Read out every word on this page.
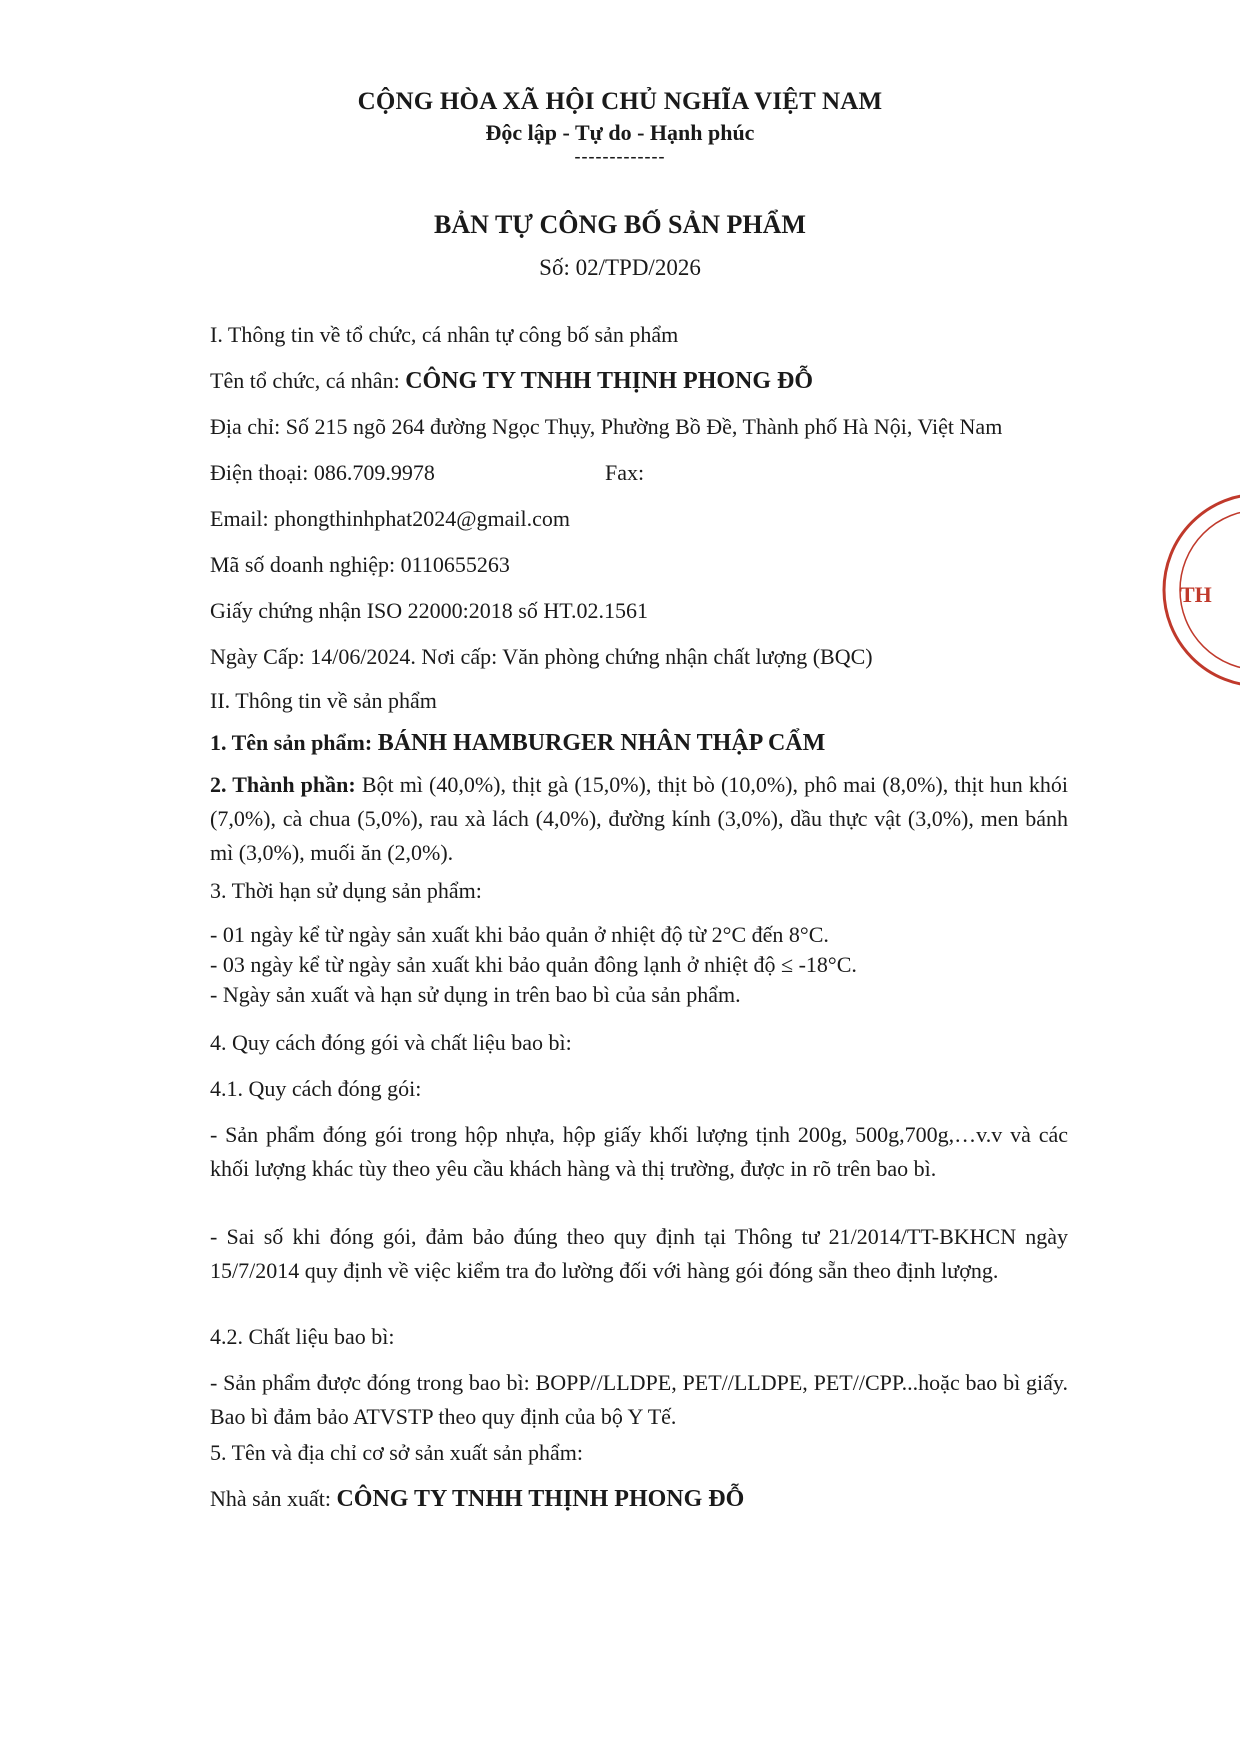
CỘNG HÒA XÃ HỘI CHỦ NGHĨA VIỆT NAM
Độc lập - Tự do - Hạnh phúc
-------------
BẢN TỰ CÔNG BỐ SẢN PHẨM
Số: 02/TPD/2026
I. Thông tin về tổ chức, cá nhân tự công bố sản phẩm
Tên tổ chức, cá nhân: CÔNG TY TNHH THỊNH PHONG ĐỖ
Địa chỉ: Số 215 ngõ 264 đường Ngọc Thụy, Phường Bồ Đề, Thành phố Hà Nội, Việt Nam
Điện thoại: 086.709.9978	Fax:
Email: phongthinhphat2024@gmail.com
Mã số doanh nghiệp: 0110655263
Giấy chứng nhận ISO 22000:2018 số HT.02.1561
Ngày Cấp: 14/06/2024. Nơi cấp: Văn phòng chứng nhận chất lượng (BQC)
II. Thông tin về sản phẩm
1. Tên sản phẩm: BÁNH HAMBURGER NHÂN THẬP CẨM
2. Thành phần: Bột mì (40,0%), thịt gà (15,0%), thịt bò (10,0%), phô mai (8,0%), thịt hun khói (7,0%), cà chua (5,0%), rau xà lách (4,0%), đường kính (3,0%), dầu thực vật (3,0%), men bánh mì (3,0%), muối ăn (2,0%).
3. Thời hạn sử dụng sản phẩm:
- 01 ngày kể từ ngày sản xuất khi bảo quản ở nhiệt độ từ 2°C đến 8°C.
- 03 ngày kể từ ngày sản xuất khi bảo quản đông lạnh ở nhiệt độ ≤ -18°C.
- Ngày sản xuất và hạn sử dụng in trên bao bì của sản phẩm.
4. Quy cách đóng gói và chất liệu bao bì:
4.1. Quy cách đóng gói:
- Sản phẩm đóng gói trong hộp nhựa, hộp giấy khối lượng tịnh 200g, 500g,700g,…v.v và các khối lượng khác tùy theo yêu cầu khách hàng và thị trường, được in rõ trên bao bì.
- Sai số khi đóng gói, đảm bảo đúng theo quy định tại Thông tư 21/2014/TT-BKHCN ngày 15/7/2014 quy định về việc kiểm tra đo lường đối với hàng gói đóng sẵn theo định lượng.
4.2. Chất liệu bao bì:
- Sản phẩm được đóng trong bao bì: BOPP//LLDPE, PET//LLDPE, PET//CPP...hoặc bao bì giấy. Bao bì đảm bảo ATVSTP theo quy định của bộ Y Tế.
5. Tên và địa chỉ cơ sở sản xuất sản phẩm:
Nhà sản xuất: CÔNG TY TNHH THỊNH PHONG ĐỖ
TH
